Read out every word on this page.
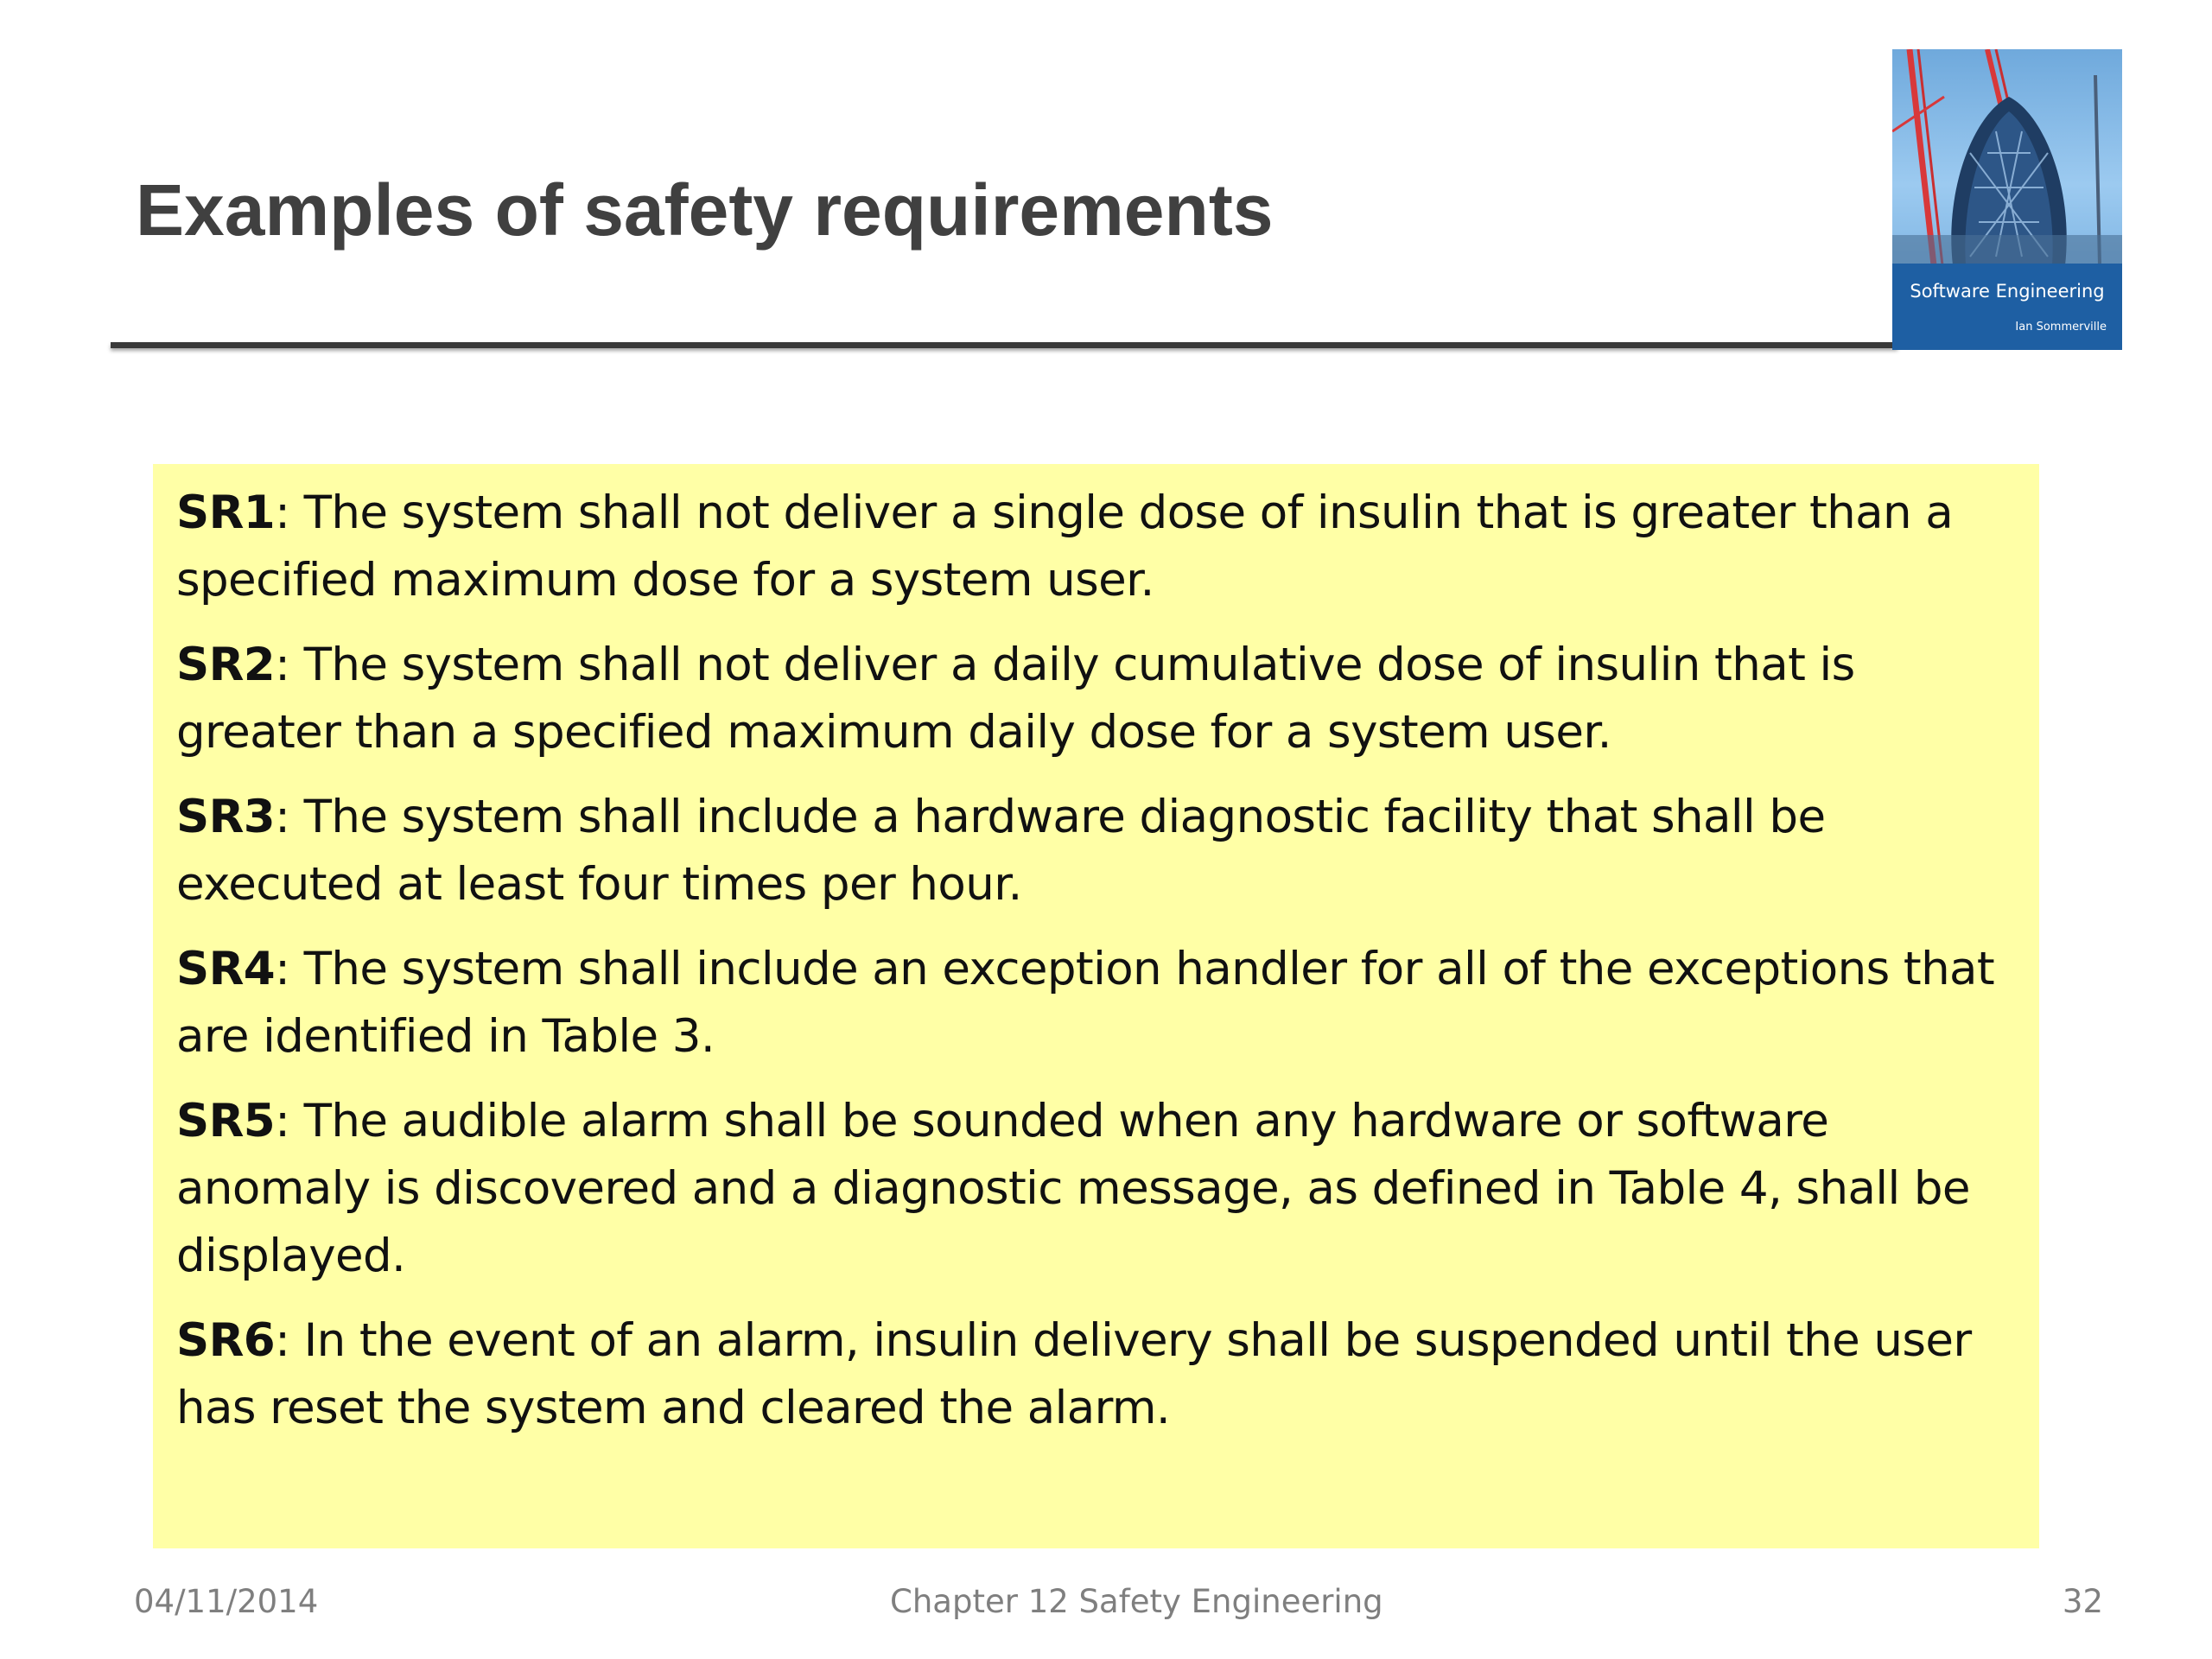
Examples of safety requirements
Software Engineering
Ian Sommerville

SR1: The system shall not deliver a single dose of insulin that is greater than a specified maximum dose for a system user.

SR2: The system shall not deliver a daily cumulative dose of insulin that is greater than a specified maximum daily dose for a system user.

SR3: The system shall include a hardware diagnostic facility that shall be executed at least four times per hour.

SR4: The system shall include an exception handler for all of the exceptions that are identified in Table 3.

SR5: The audible alarm shall be sounded when any hardware or software anomaly is discovered and a diagnostic message, as defined in Table 4, shall be displayed.

SR6: In the event of an alarm, insulin delivery shall be suspended until the user has reset the system and cleared the alarm.

04/11/2014	Chapter 12 Safety Engineering	32
